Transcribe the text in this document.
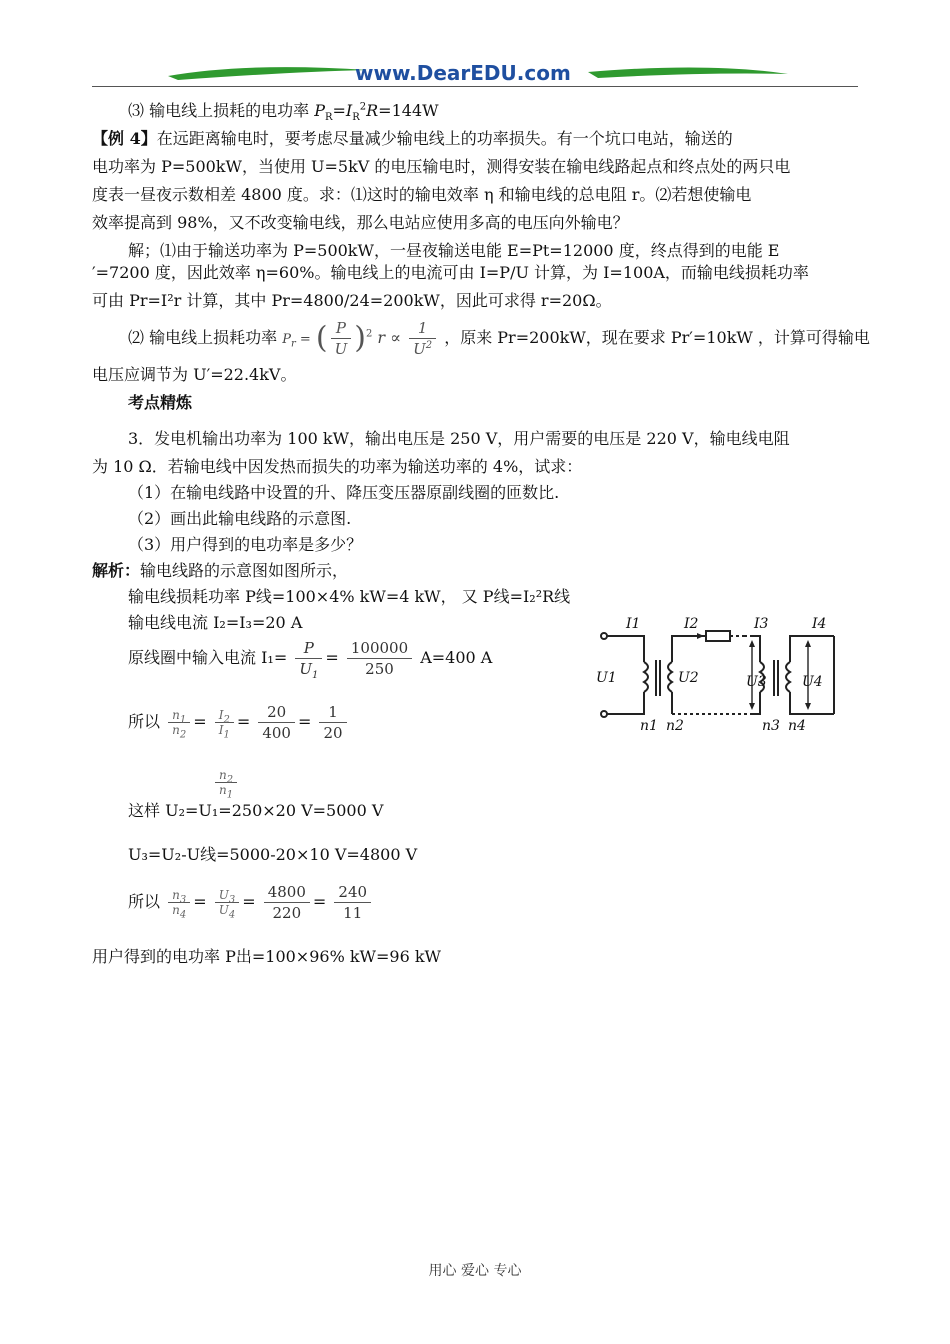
www.DearEDU.com
⑶ 输电线上损耗的电功率 $P_R=I_R^2R=144W$
【例 4】在远距离输电时，要考虑尽量减少输电线上的功率损失。有一个坑口电站，输送的
电功率为 P=500kW，当使用 U=5kV 的电压输电时，测得安装在输电线路起点和终点处的两只电
度表一昼夜示数相差 4800 度。求：⑴这时的输电效率 η 和输电线的总电阻 r。⑵若想使输电
效率提高到 98%，又不改变输电线，那么电站应使用多高的电压向外输电？
解；⑴由于输送功率为 P=500kW，一昼夜输送电能 E=Pt=12000 度，终点得到的电能 E
′=7200 度，因此效率 η=60%。输电线上的电流可由 I=P/U 计算，为 I=100A，而输电线损耗功率
可由 Pr=I²r 计算，其中 Pr=4800/24=200kW，因此可求得 r=20Ω。
⑵ 输电线上损耗功率 $P_r$ = ( $\frac{P}{U} )^2$ $r \propto \frac{1}{U^2}$ ，原来 Pr=200kW，现在要求 Pr′=10kW ，计算可得输电
电压应调节为 U′=22.4kV。
考点精炼
3．发电机输出功率为 100 kW，输出电压是 250 V，用户需要的电压是 220 V，输电线电阻
为 10 Ω．若输电线中因发热而损失的功率为输送功率的 4%，试求：
（1）在输电线路中设置的升、降压变压器原副线圈的匝数比.
（2）画出此输电线路的示意图.
（3）用户得到的电功率是多少？
解析：输电线路的示意图如图所示，
输电线损耗功率 P线=100×4% kW=4 kW， 又 P线=I₂²R线
输电线电流 I₂=I₃=20 A
原线圈中输入电流 $I_1= \frac{P}{U_1} = \frac{100000}{250} A=400$ A
所以 $\frac{n_1}{n_2} = \frac{I_2}{I_1} = \frac{20}{400} = \frac{1}{20}$
$\frac{n_2}{n_1}$
这样 U₂=U₁=250×20 V=5000 V
U₃=U₂-U线=5000-20×10 V=4800 V
所以 $\frac{n_3}{n_4} = \frac{U_3}{U_4} = \frac{4800}{220} = \frac{240}{11}$
用户得到的电功率 P出=100×96% kW=96 kW
I1	I2	I3	I4
U1	U2	U3	U4
n1 n2	n3 n4
用心 爱心 专心
